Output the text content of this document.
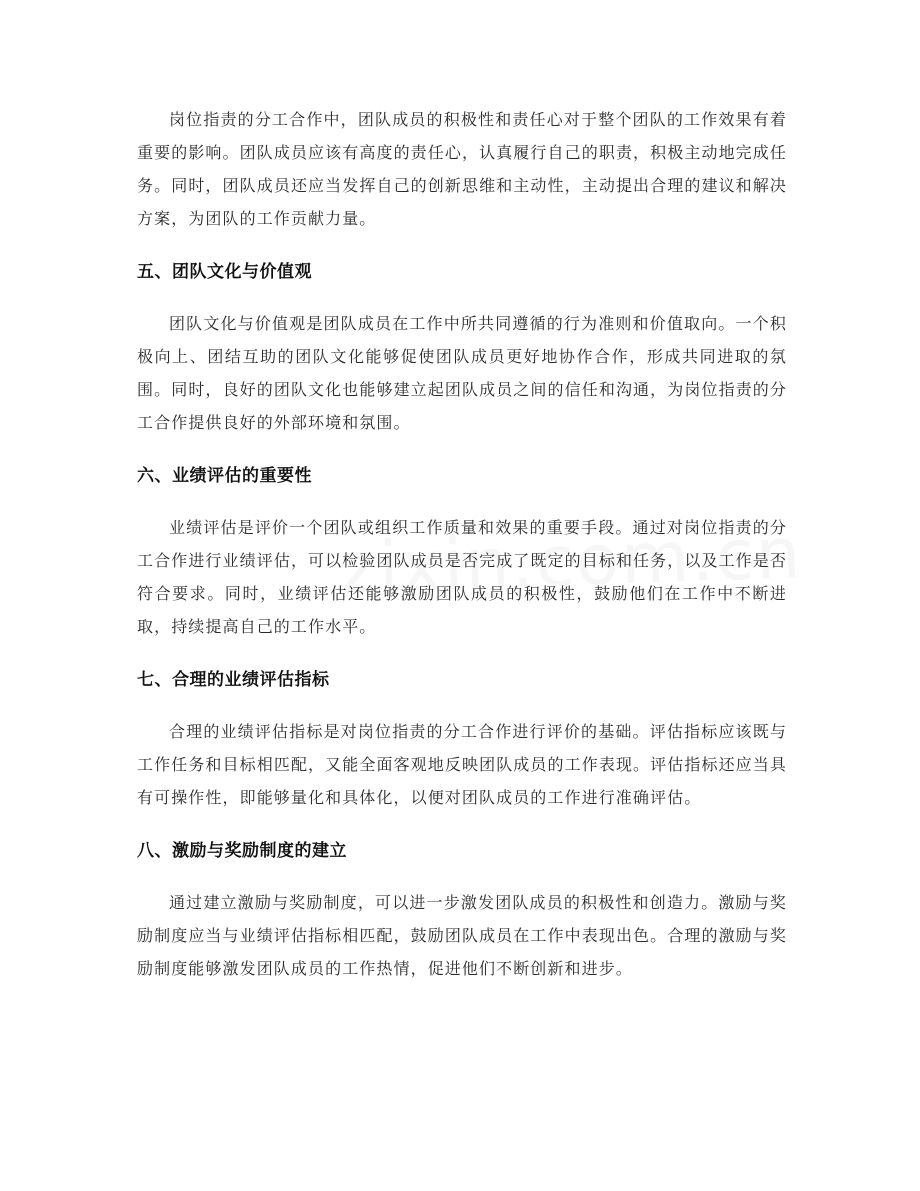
岗位指责的分工合作中，团队成员的积极性和责任心对于整个团队的工作效果有着重要的影响。团队成员应该有高度的责任心，认真履行自己的职责，积极主动地完成任务。同时，团队成员还应当发挥自己的创新思维和主动性，主动提出合理的建议和解决方案，为团队的工作贡献力量。

五、团队文化与价值观

团队文化与价值观是团队成员在工作中所共同遵循的行为准则和价值取向。一个积极向上、团结互助的团队文化能够促使团队成员更好地协作合作，形成共同进取的氛围。同时，良好的团队文化也能够建立起团队成员之间的信任和沟通，为岗位指责的分工合作提供良好的外部环境和氛围。

六、业绩评估的重要性

业绩评估是评价一个团队或组织工作质量和效果的重要手段。通过对岗位指责的分工合作进行业绩评估，可以检验团队成员是否完成了既定的目标和任务，以及工作是否符合要求。同时，业绩评估还能够激励团队成员的积极性，鼓励他们在工作中不断进取，持续提高自己的工作水平。

七、合理的业绩评估指标

合理的业绩评估指标是对岗位指责的分工合作进行评价的基础。评估指标应该既与工作任务和目标相匹配，又能全面客观地反映团队成员的工作表现。评估指标还应当具有可操作性，即能够量化和具体化，以便对团队成员的工作进行准确评估。

八、激励与奖励制度的建立

通过建立激励与奖励制度，可以进一步激发团队成员的积极性和创造力。激励与奖励制度应当与业绩评估指标相匹配，鼓励团队成员在工作中表现出色。合理的激励与奖励制度能够激发团队成员的工作热情，促进他们不断创新和进步。
